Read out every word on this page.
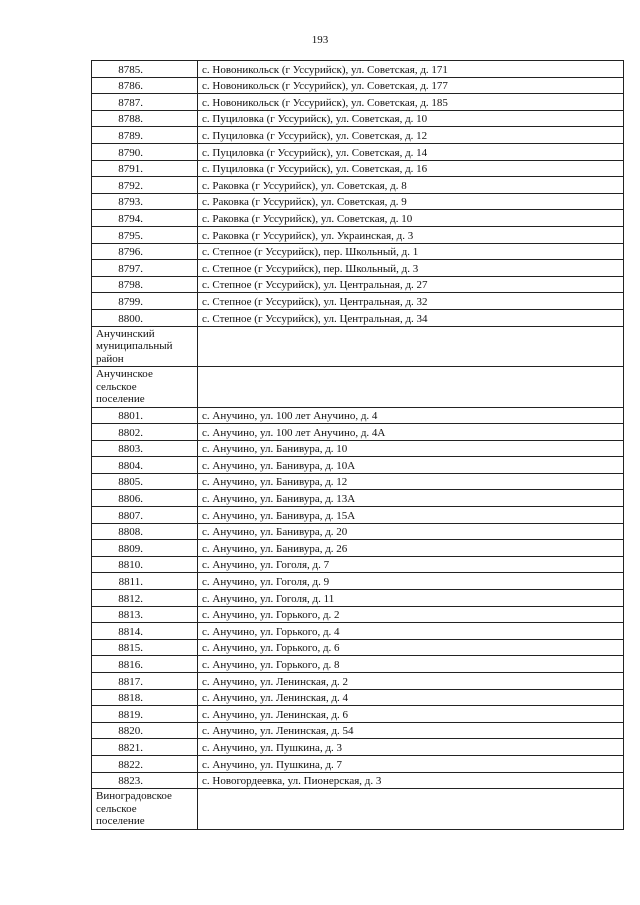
193
8785.	с. Новоникольск (г Уссурийск), ул. Советская, д. 171
8786.	с. Новоникольск (г Уссурийск), ул. Советская, д. 177
8787.	с. Новоникольск (г Уссурийск), ул. Советская, д. 185
8788.	с. Пуциловка (г Уссурийск), ул. Советская, д. 10
8789.	с. Пуциловка (г Уссурийск), ул. Советская, д. 12
8790.	с. Пуциловка (г Уссурийск), ул. Советская, д. 14
8791.	с. Пуциловка (г Уссурийск), ул. Советская, д. 16
8792.	с. Раковка (г Уссурийск), ул. Советская, д. 8
8793.	с. Раковка (г Уссурийск), ул. Советская, д. 9
8794.	с. Раковка (г Уссурийск), ул. Советская, д. 10
8795.	с. Раковка (г Уссурийск), ул. Украинская, д. 3
8796.	с. Степное (г Уссурийск), пер. Школьный, д. 1
8797.	с. Степное (г Уссурийск), пер. Школьный, д. 3
8798.	с. Степное (г Уссурийск), ул. Центральная, д. 27
8799.	с. Степное (г Уссурийск), ул. Центральная, д. 32
8800.	с. Степное (г Уссурийск), ул. Центральная, д. 34

Анучинский
муниципальный
район	

Анучинское
сельское
поселение	

8801.	с. Анучино, ул. 100 лет Анучино, д. 4
8802.	с. Анучино, ул. 100 лет Анучино, д. 4А
8803.	с. Анучино, ул. Банивура, д. 10
8804.	с. Анучино, ул. Банивура, д. 10А
8805.	с. Анучино, ул. Банивура, д. 12
8806.	с. Анучино, ул. Банивура, д. 13А
8807.	с. Анучино, ул. Банивура, д. 15А
8808.	с. Анучино, ул. Банивура, д. 20
8809.	с. Анучино, ул. Банивура, д. 26
8810.	с. Анучино, ул. Гоголя, д. 7
8811.	с. Анучино, ул. Гоголя, д. 9
8812.	с. Анучино, ул. Гоголя, д. 11
8813.	с. Анучино, ул. Горького, д. 2
8814.	с. Анучино, ул. Горького, д. 4
8815.	с. Анучино, ул. Горького, д. 6
8816.	с. Анучино, ул. Горького, д. 8
8817.	с. Анучино, ул. Ленинская, д. 2
8818.	с. Анучино, ул. Ленинская, д. 4
8819.	с. Анучино, ул. Ленинская, д. 6
8820.	с. Анучино, ул. Ленинская, д. 54
8821.	с. Анучино, ул. Пушкина, д. 3
8822.	с. Анучино, ул. Пушкина, д. 7
8823.	с. Новогордеевка, ул. Пионерская, д. 3

Виноградовское
сельское
поселение	
